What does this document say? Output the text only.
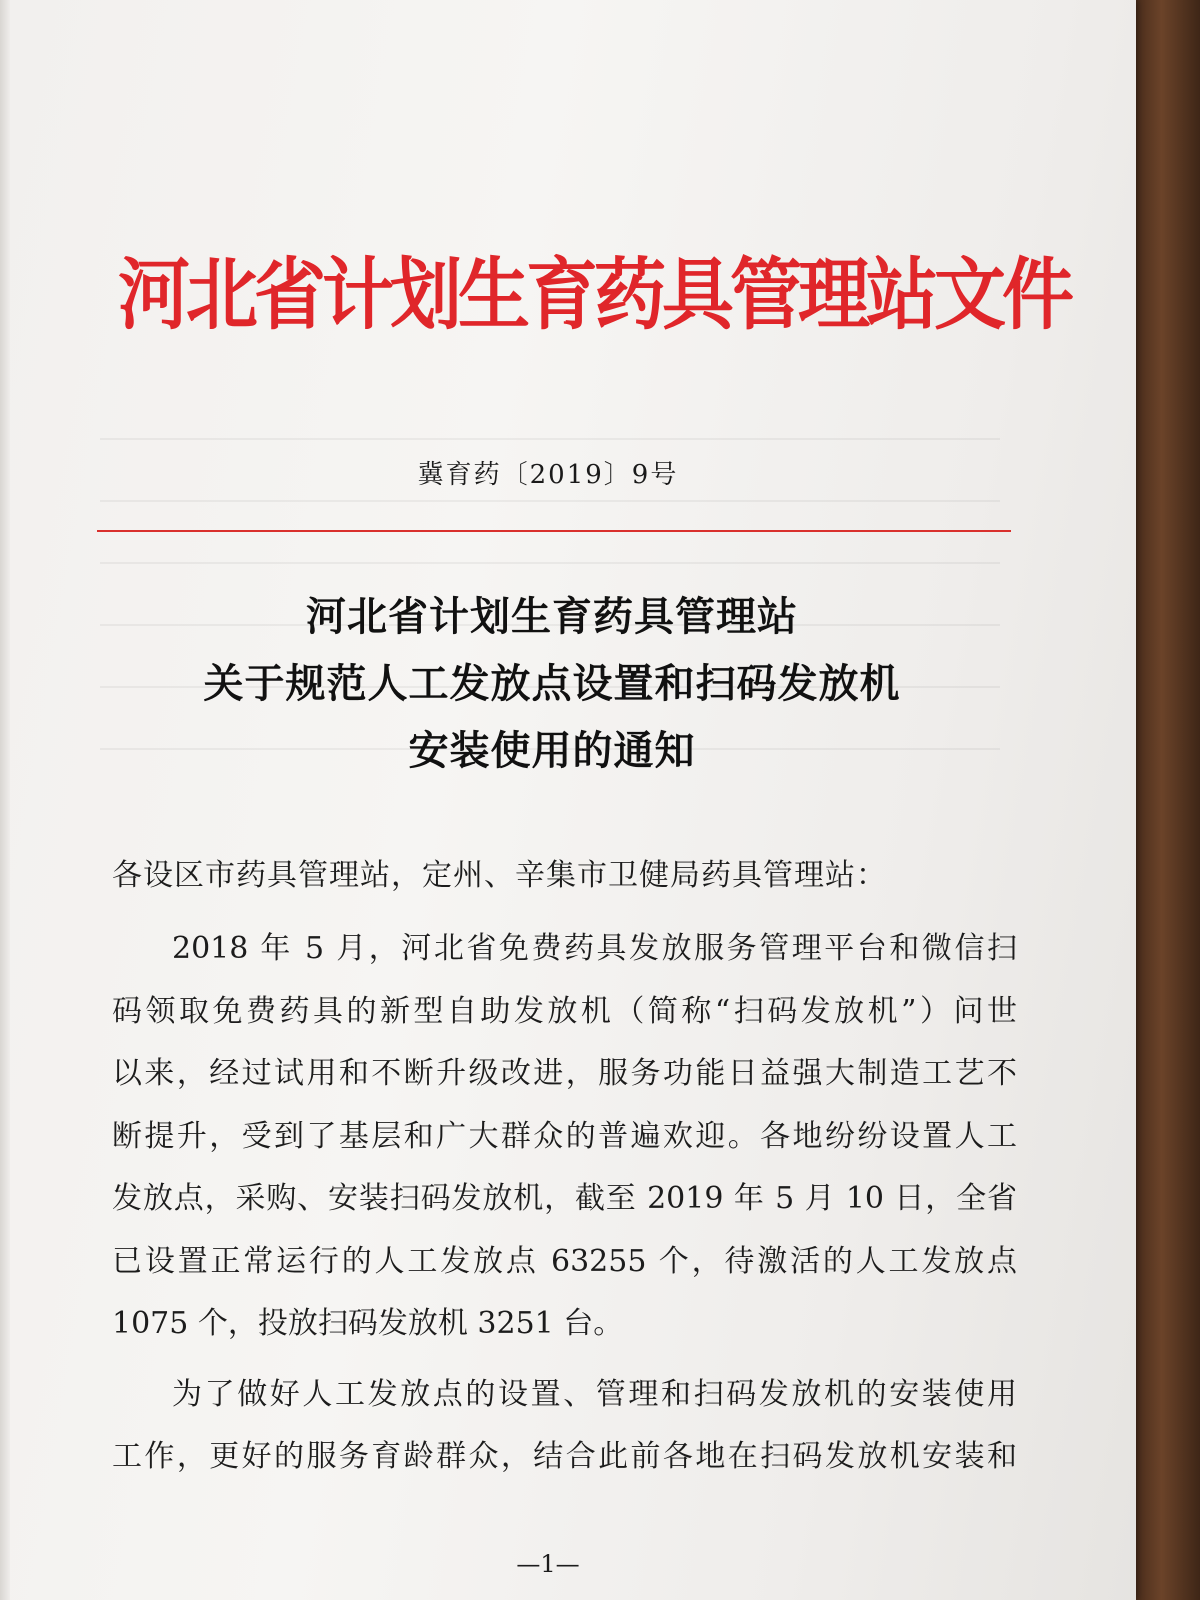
河北省计划生育药具管理站文件
冀育药〔2019〕9号
河北省计划生育药具管理站
关于规范人工发放点设置和扫码发放机
安装使用的通知
各设区市药具管理站，定州、辛集市卫健局药具管理站：
2018 年 5 月，河北省免费药具发放服务管理平台和微信扫
码领取免费药具的新型自助发放机（简称“扫码发放机”）问世
以来，经过试用和不断升级改进，服务功能日益强大制造工艺不
断提升，受到了基层和广大群众的普遍欢迎。各地纷纷设置人工
发放点，采购、安装扫码发放机，截至 2019 年 5 月 10 日，全省
已设置正常运行的人工发放点 63255 个，待激活的人工发放点
1075 个，投放扫码发放机 3251 台。
为了做好人工发放点的设置、管理和扫码发放机的安装使用
工作，更好的服务育龄群众，结合此前各地在扫码发放机安装和
—1—
